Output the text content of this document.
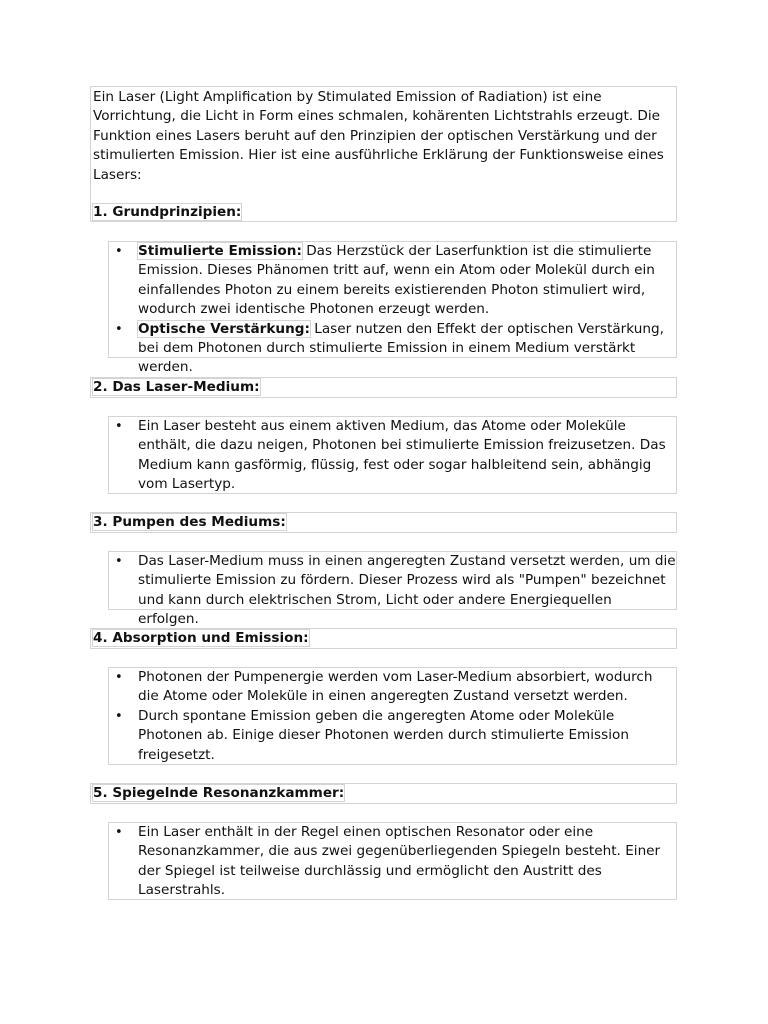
Ein Laser (Light Amplification by Stimulated Emission of Radiation) ist eine Vorrichtung, die Licht in Form eines schmalen, kohärenten Lichtstrahls erzeugt. Die Funktion eines Lasers beruht auf den Prinzipien der optischen Verstärkung und der stimulierten Emission. Hier ist eine ausführliche Erklärung der Funktionsweise eines Lasers:

1. Grundprinzipien:
• Stimulierte Emission: Das Herzstück der Laserfunktion ist die stimulierte Emission. Dieses Phänomen tritt auf, wenn ein Atom oder Molekül durch ein einfallendes Photon zu einem bereits existierenden Photon stimuliert wird, wodurch zwei identische Photonen erzeugt werden.
• Optische Verstärkung: Laser nutzen den Effekt der optischen Verstärkung, bei dem Photonen durch stimulierte Emission in einem Medium verstärkt werden.
2. Das Laser-Medium:
• Ein Laser besteht aus einem aktiven Medium, das Atome oder Moleküle enthält, die dazu neigen, Photonen bei stimulierte Emission freizusetzen. Das Medium kann gasförmig, flüssig, fest oder sogar halbleitend sein, abhängig vom Lasertyp.
3. Pumpen des Mediums:
• Das Laser-Medium muss in einen angeregten Zustand versetzt werden, um die stimulierte Emission zu fördern. Dieser Prozess wird als "Pumpen" bezeichnet und kann durch elektrischen Strom, Licht oder andere Energiequellen erfolgen.
4. Absorption und Emission:
• Photonen der Pumpenergie werden vom Laser-Medium absorbiert, wodurch die Atome oder Moleküle in einen angeregten Zustand versetzt werden.
• Durch spontane Emission geben die angeregten Atome oder Moleküle Photonen ab. Einige dieser Photonen werden durch stimulierte Emission freigesetzt.
5. Spiegelnde Resonanzkammer:
• Ein Laser enthält in der Regel einen optischen Resonator oder eine Resonanzkammer, die aus zwei gegenüberliegenden Spiegeln besteht. Einer der Spiegel ist teilweise durchlässig und ermöglicht den Austritt des Laserstrahls.
